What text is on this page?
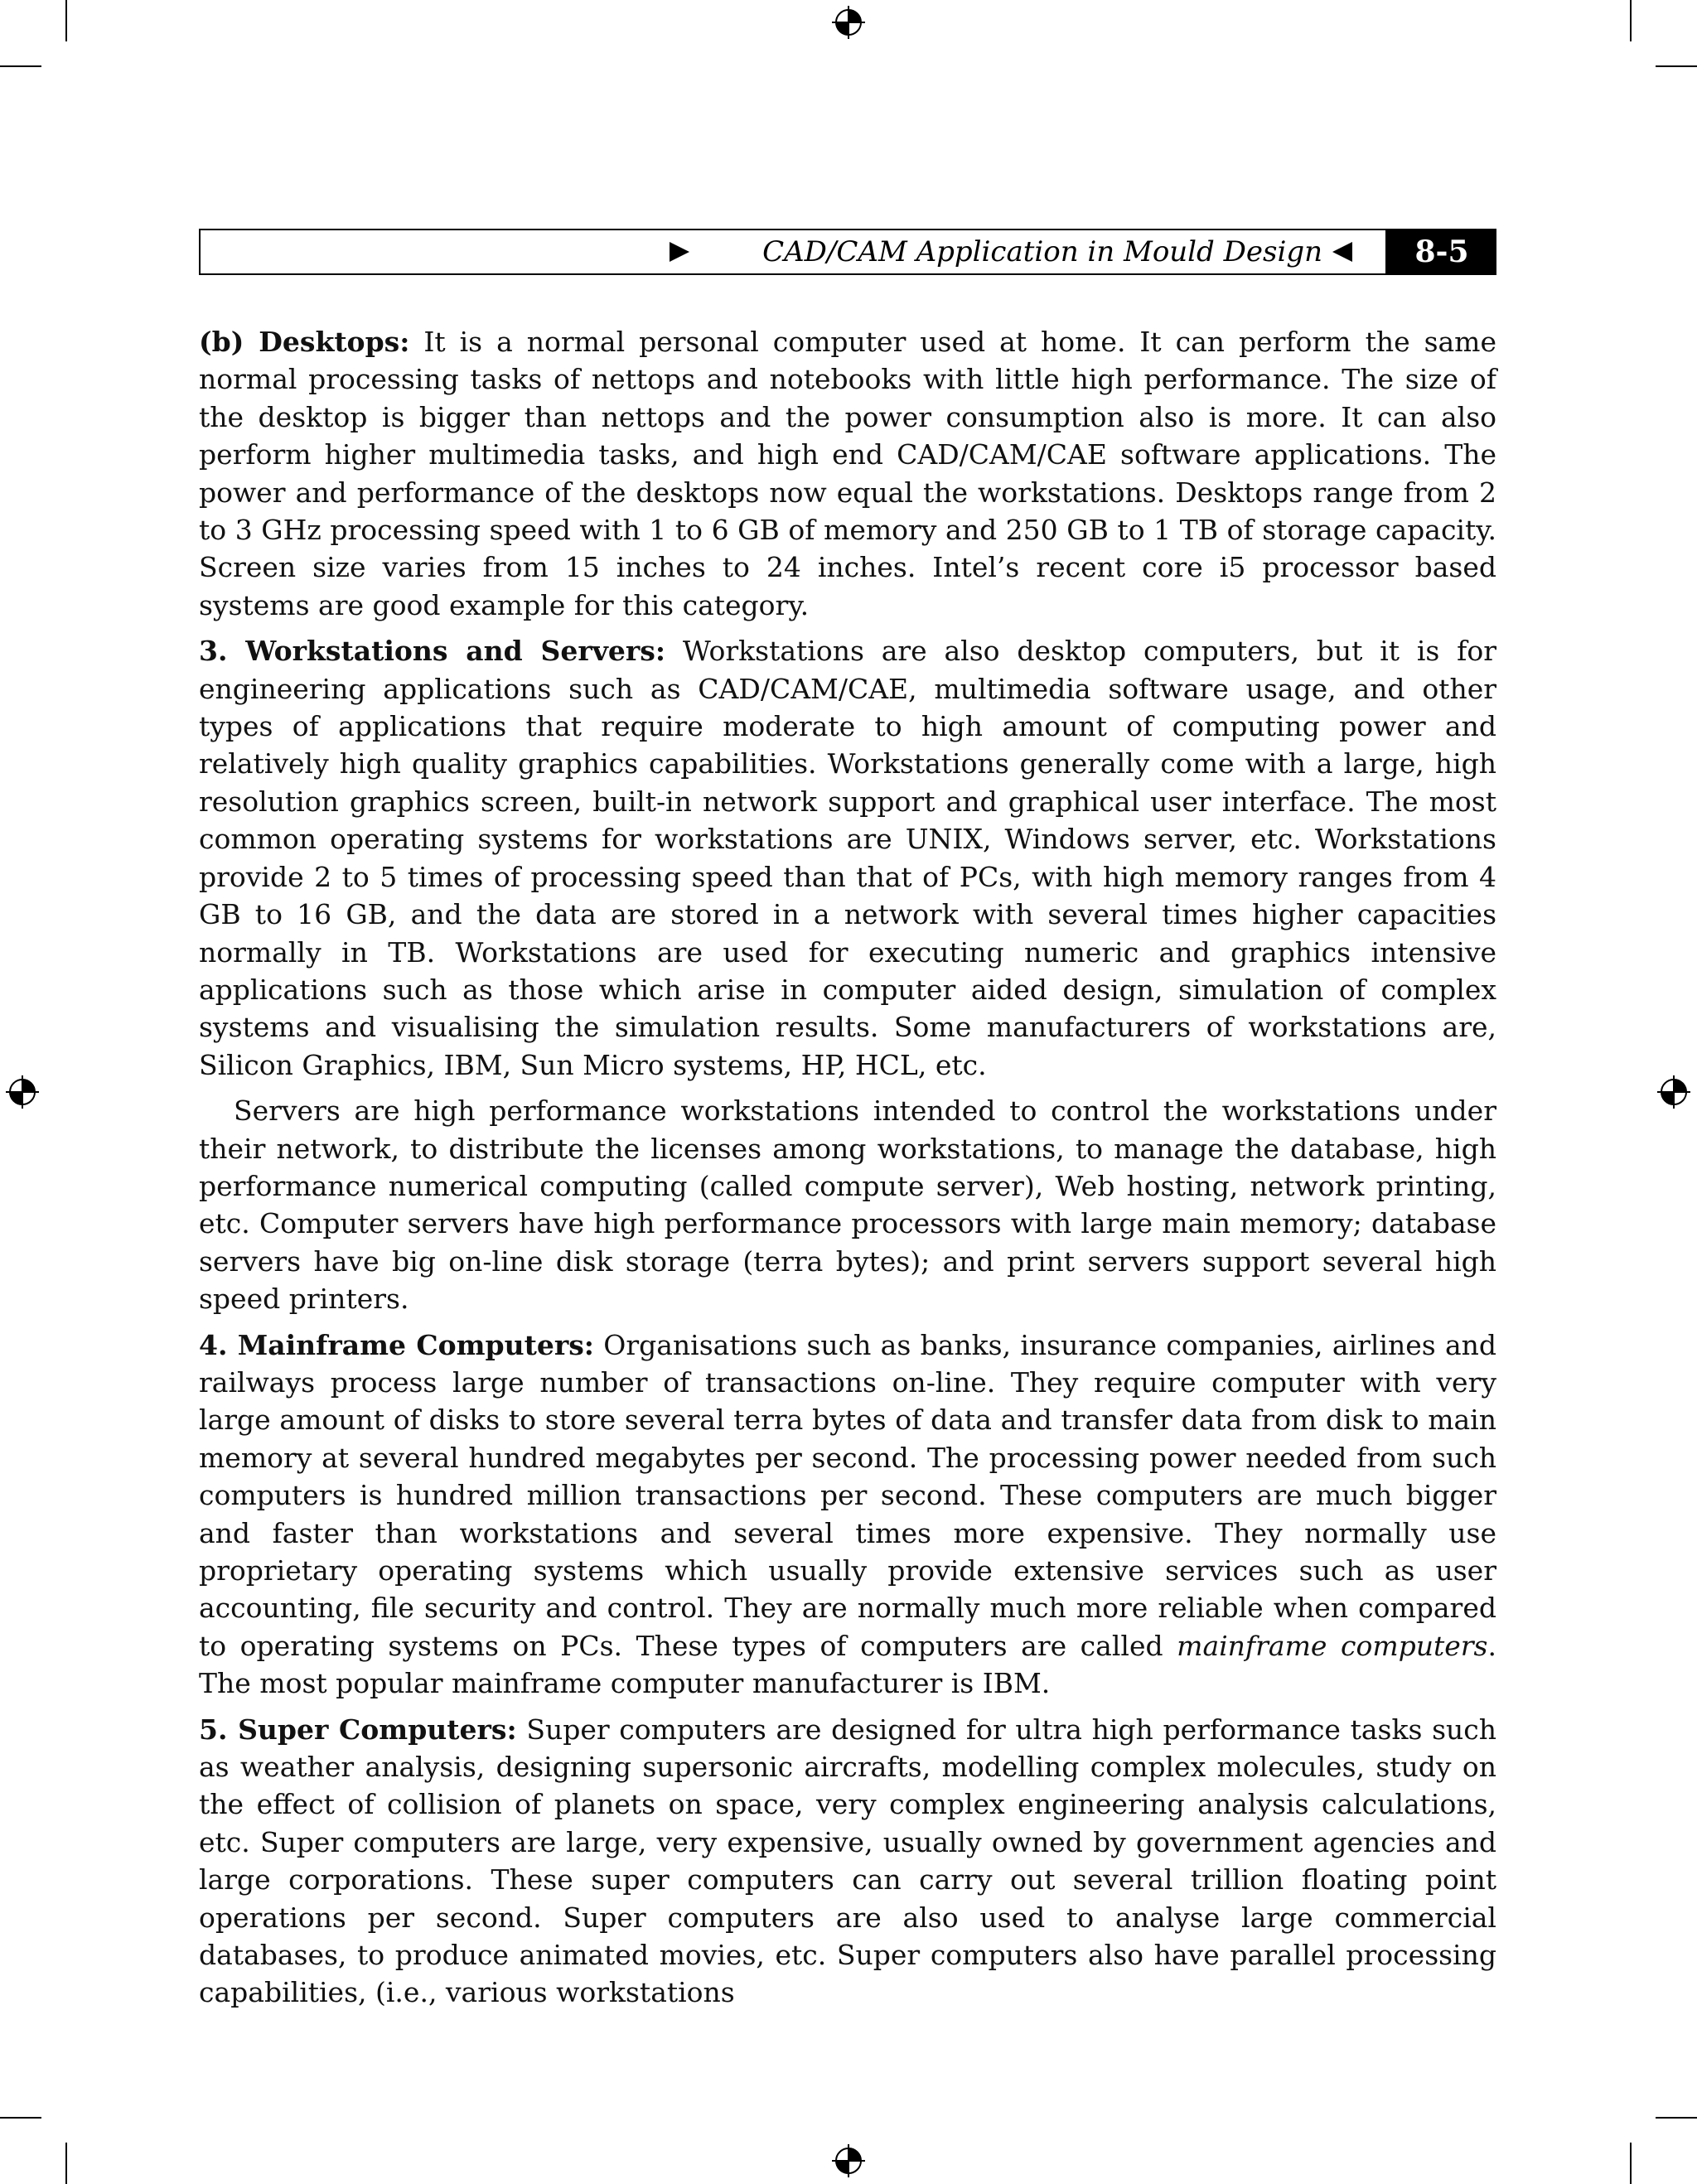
CAD/CAM Application in Mould Design	8-5

(b) Desktops: It is a normal personal computer used at home. It can perform the same normal processing tasks of nettops and notebooks with little high performance. The size of the desktop is bigger than nettops and the power consumption also is more. It can also perform higher multimedia tasks, and high end CAD/CAM/CAE software applications. The power and performance of the desktops now equal the workstations. Desktops range from 2 to 3 GHz processing speed with 1 to 6 GB of memory and 250 GB to 1 TB of storage capacity. Screen size varies from 15 inches to 24 inches. Intel’s recent core i5 processor based systems are good example for this category.

3. Workstations and Servers: Workstations are also desktop computers, but it is for engineering applications such as CAD/CAM/CAE, multimedia software usage, and other types of applications that require moderate to high amount of computing power and relatively high quality graphics capabilities. Workstations generally come with a large, high resolution graphics screen, built-in network support and graphical user interface. The most common operating systems for workstations are UNIX, Windows server, etc. Workstations provide 2 to 5 times of processing speed than that of PCs, with high memory ranges from 4 GB to 16 GB, and the data are stored in a network with several times higher capacities normally in TB. Workstations are used for executing numeric and graphics intensive applications such as those which arise in computer aided design, simulation of complex systems and visualising the simulation results. Some manufacturers of workstations are, Silicon Graphics, IBM, Sun Micro systems, HP, HCL, etc.

Servers are high performance workstations intended to control the workstations under their network, to distribute the licenses among workstations, to manage the database, high performance numerical computing (called compute server), Web hosting, network printing, etc. Computer servers have high performance processors with large main memory; database servers have big on-line disk storage (terra bytes); and print servers support several high speed printers.

4. Mainframe Computers: Organisations such as banks, insurance companies, airlines and railways process large number of transactions on-line. They require computer with very large amount of disks to store several terra bytes of data and transfer data from disk to main memory at several hundred megabytes per second. The processing power needed from such computers is hundred million transactions per second. These computers are much bigger and faster than workstations and several times more expensive. They normally use proprietary operating systems which usually provide extensive services such as user accounting, file security and control. They are normally much more reliable when compared to operating systems on PCs. These types of computers are called mainframe computers. The most popular mainframe computer manufacturer is IBM.

5. Super Computers: Super computers are designed for ultra high performance tasks such as weather analysis, designing supersonic aircrafts, modelling complex molecules, study on the effect of collision of planets on space, very complex engineering analysis calculations, etc. Super computers are large, very expensive, usually owned by government agencies and large corporations. These super computers can carry out several trillion floating point operations per second. Super computers are also used to analyse large commercial databases, to produce animated movies, etc. Super computers also have parallel processing capabilities, (i.e., various workstations
